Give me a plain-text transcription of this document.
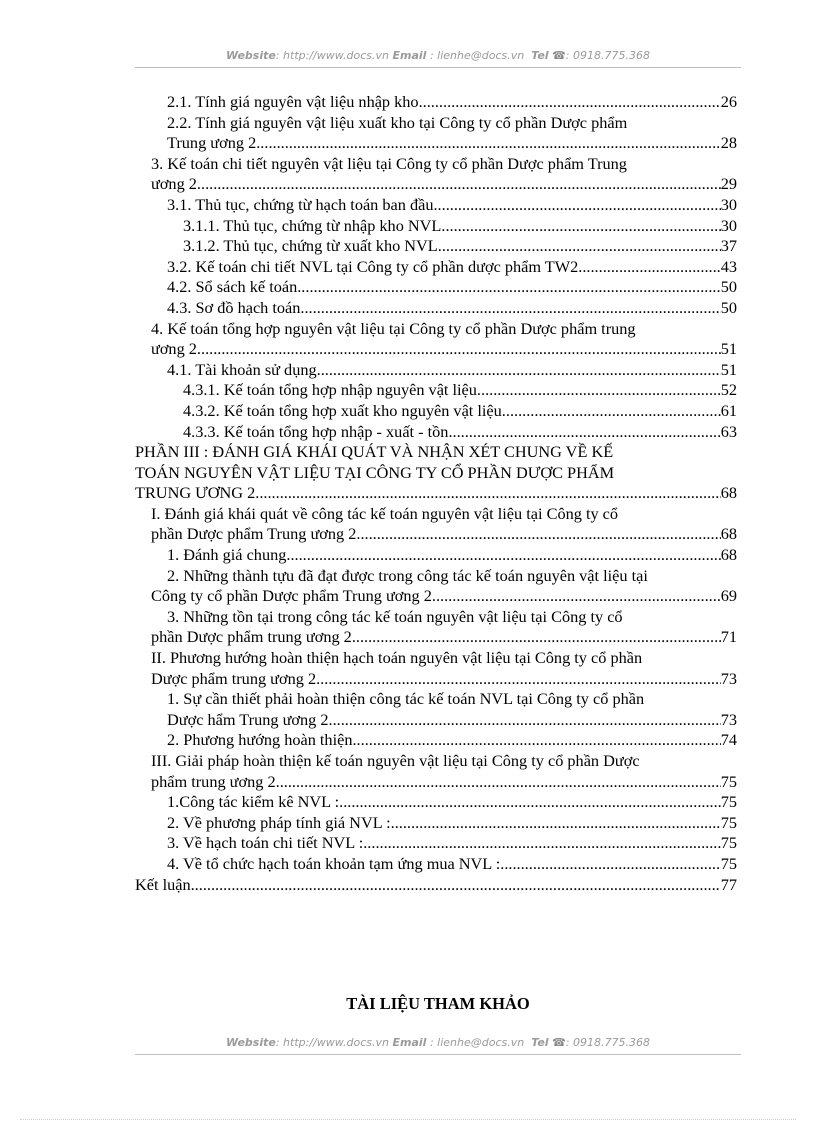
Website: http://www.docs.vn Email : lienhe@docs.vn Tel ☎: 0918.775.368
2.1. Tính giá nguyên vật liệu nhập kho. .....	26
2.2. Tính giá nguyên vật liệu xuất kho tại Công ty cổ phần Dược phẩm
Trung ương 2. .....	28
3. Kế toán chi tiết nguyên vật liệu tại Công ty cổ phần Dược phẩm Trung
ương 2. .....	29
3.1. Thủ tục, chứng từ hạch toán ban đầu .....	30
3.1.1. Thủ tục, chứng từ nhập kho NVL. .....	30
3.1.2. Thủ tục, chứng từ xuất kho NVL. .....	37
3.2. Kế toán chi tiết NVL tại Công ty cổ phần dược phẩm TW2 .....	43
4.2. Sổ sách kế toán. .....	50
4.3. Sơ đồ hạch toán. .....	50
4. Kế toán tổng hợp nguyên vật liệu tại Công ty cổ phần Dược phẩm trung
ương 2. .....	51
4.1. Tài khoản sử dụng. .....	51
4.3.1. Kế toán tổng hợp nhập nguyên vật liệu. .....	52
4.3.2. Kế toán tổng hợp xuất kho nguyên vật liệu. .....	61
4.3.3. Kế toán tổng hợp nhập - xuất - tồn. .....	63
PHẦN III : ĐÁNH GIÁ KHÁI QUÁT VÀ NHẬN XÉT CHUNG VỀ KẾ
TOÁN NGUYÊN VẬT LIỆU TẠI CÔNG TY CỔ PHẦN DƯỢC PHẨM
TRUNG ƯƠNG 2.. .....	68
I. Đánh giá khái quát về công tác kế toán nguyên vật liệu tại Công ty cổ
phần Dược phẩm Trung ương 2. .....	68
1. Đánh giá chung .....	68
2. Những thành tựu đã đạt được trong công tác kế toán nguyên vật liệu tại
Công ty cổ phần Dược phẩm Trung ương 2. .....	69
3. Những tồn tại trong công tác kế toán nguyên vật liệu tại Công ty cổ
phần Dược phẩm trung ương 2. .....	71
II. Phương hướng hoàn thiện hạch toán nguyên vật liệu tại Công ty cổ phần
Dược phẩm trung ương 2. .....	73
1. Sự cần thiết phải hoàn thiện công tác kế toán NVL tại Công ty cổ phần
Dược hẩm Trung ương 2. .....	73
2. Phương hướng hoàn thiện. .....	74
III. Giải pháp hoàn thiện kế toán nguyên vật liệu tại Công ty cổ phần Dược
phẩm trung ương 2. .....	75
1.Công tác kiểm kê NVL : .....	75
2. Về phương pháp tính giá NVL : .....	75
3. Về hạch toán chi tiết NVL : .....	75
4. Về tổ chức hạch toán khoản tạm ứng mua NVL : .....	75
Kết luận .....	77
TÀI LIỆU THAM KHẢO
Website: http://www.docs.vn Email : lienhe@docs.vn Tel ☎: 0918.775.368
